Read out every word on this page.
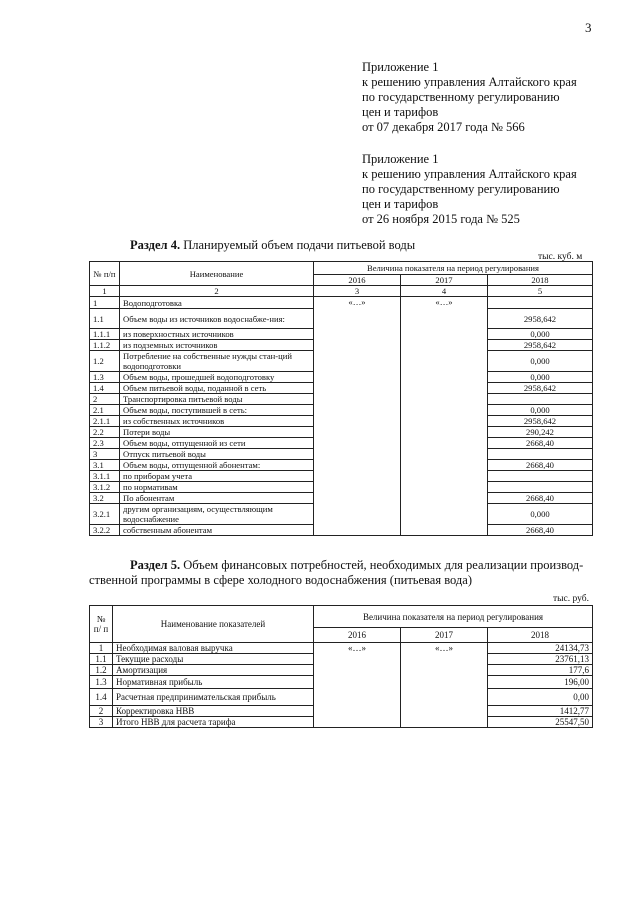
3
Приложение 1
к решению управления Алтайского края
по государственному регулированию
цен и тарифов
от 07 декабря 2017 года № 566
Приложение 1
к решению управления Алтайского края
по государственному регулированию
цен и тарифов
от 26 ноября 2015 года № 525
Раздел 4. Планируемый объем подачи питьевой воды
тыс. куб. м
№ п/п	Наименование	Величина показателя на период регулирования		
		2016	2017	2018
1	2	3	4	5
1	Водоподготовка	«…»	«…»	
1.1	Объем воды из источников водоснабже-ния:			2958,642
1.1.1	из поверхностных источников			0,000
1.1.2	из подземных источников			2958,642
1.2	Потребление на собственные нужды стан-ций водоподготовки			0,000
1.3	Объем воды, прошедшей водоподготовку			0,000
1.4	Объем питьевой воды, поданной в сеть			2958,642
2	Транспортировка питьевой воды			
2.1	Объем воды, поступившей в сеть:			0,000
2.1.1	из собственных источников			2958,642
2.2	Потери воды			290,242
2.3	Объем воды, отпущенной из сети			2668,40
3	Отпуск питьевой воды			
3.1	Объем воды, отпущенной абонентам:			2668,40
3.1.1	по приборам учета			
3.1.2	по нормативам			
3.2	По абонентам			2668,40
3.2.1	другим организациям, осуществляющим водоснабжение			0,000
3.2.2	собственным абонентам			2668,40
Раздел 5. Объем финансовых потребностей, необходимых для реализации производ-
ственной программы в сфере холодного водоснабжения (питьевая вода)
тыс. руб.
№ п/ п	Наименование показателей	Величина показателя на период регулирования		
		2016	2017	2018
1	Необходимая валовая выручка	«…»	«…»	24134,73
1.1	Текущие расходы			23761,13
1.2	Амортизация			177,6
1.3	Нормативная прибыль			196,00
1.4	Расчетная предпринимательская прибыль			0,00
2	Корректировка НВВ			1412,77
3	Итого НВВ для расчета тарифа			25547,50
